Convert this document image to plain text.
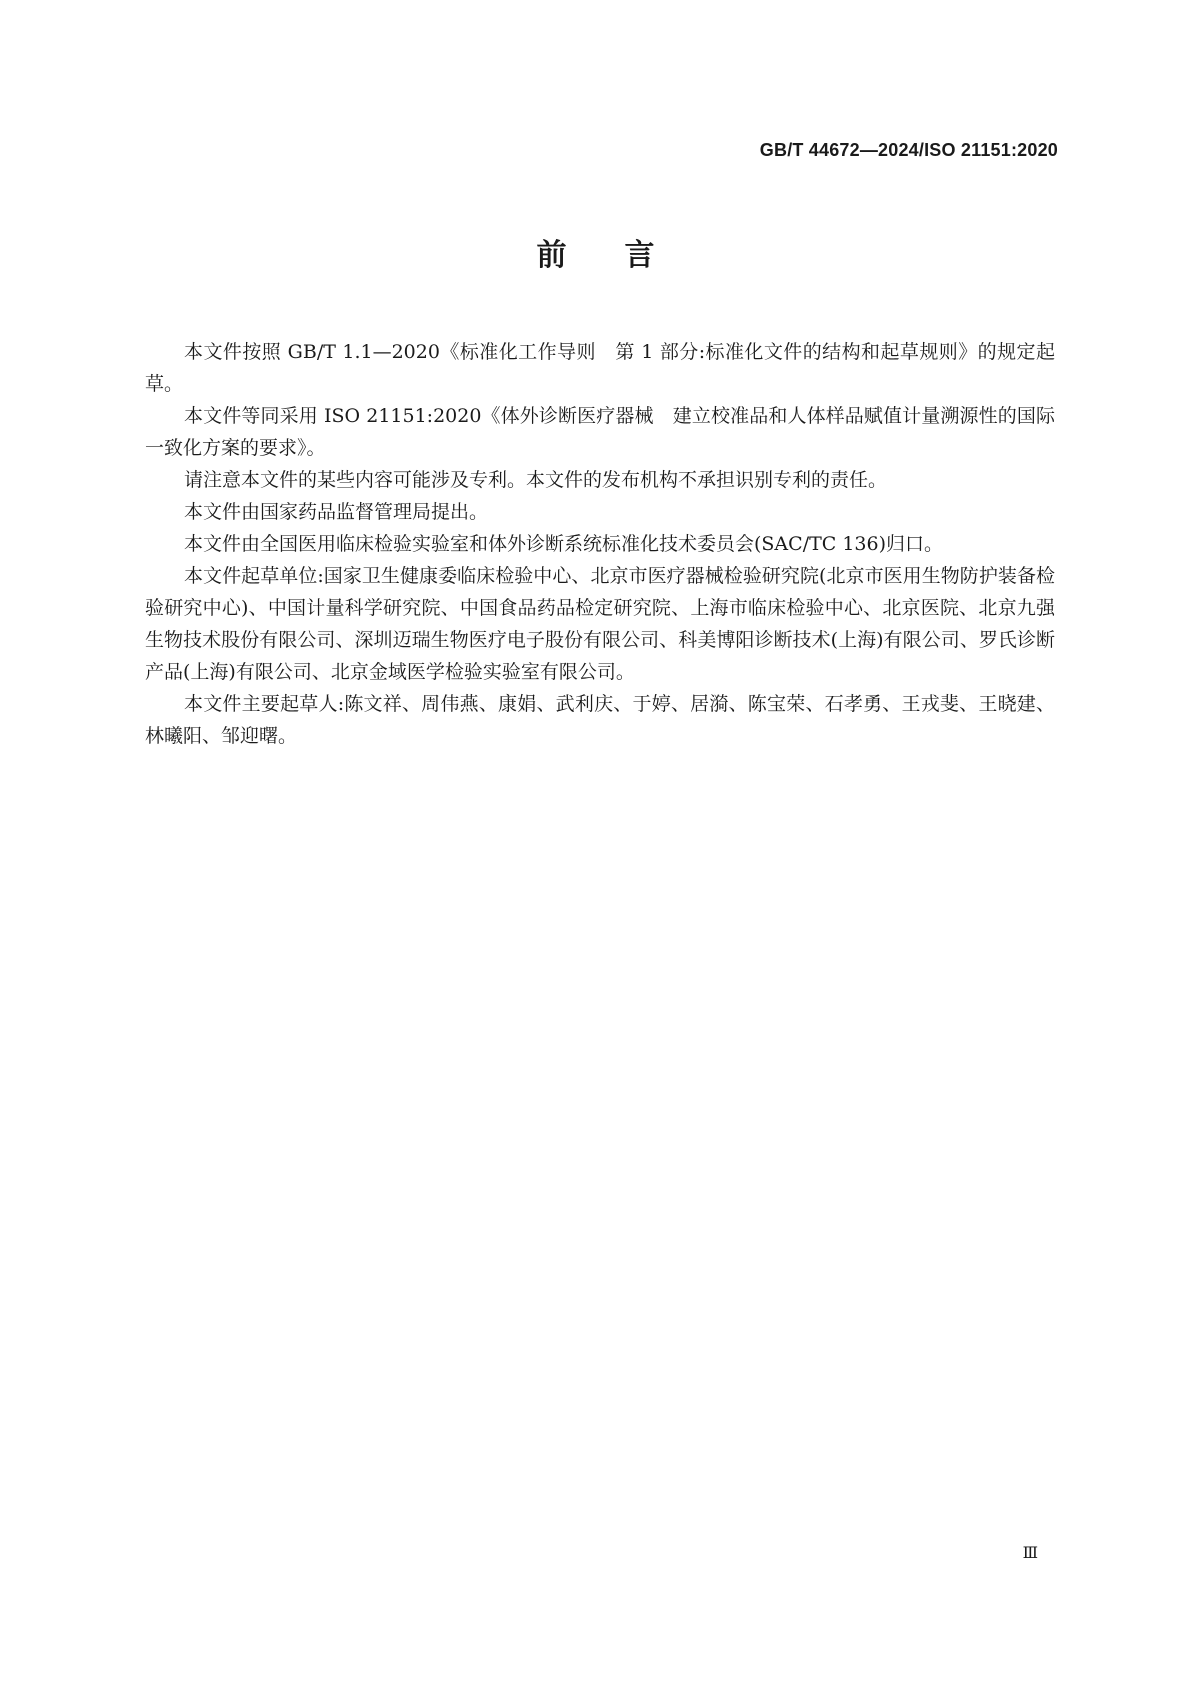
GB/T 44672—2024/ISO 21151:2020
前言

本文件按照 GB/T 1.1—2020《标准化工作导则　第 1 部分:标准化文件的结构和起草规则》的规定起草。

本文件等同采用 ISO 21151:2020《体外诊断医疗器械　建立校准品和人体样品赋值计量溯源性的国际一致化方案的要求》。

请注意本文件的某些内容可能涉及专利。本文件的发布机构不承担识别专利的责任。

本文件由国家药品监督管理局提出。

本文件由全国医用临床检验实验室和体外诊断系统标准化技术委员会(SAC/TC 136)归口。

本文件起草单位:国家卫生健康委临床检验中心、北京市医疗器械检验研究院(北京市医用生物防护装备检验研究中心)、中国计量科学研究院、中国食品药品检定研究院、上海市临床检验中心、北京医院、北京九强生物技术股份有限公司、深圳迈瑞生物医疗电子股份有限公司、科美博阳诊断技术(上海)有限公司、罗氏诊断产品(上海)有限公司、北京金域医学检验实验室有限公司。

本文件主要起草人:陈文祥、周伟燕、康娟、武利庆、于婷、居漪、陈宝荣、石孝勇、王戎斐、王晓建、林曦阳、邹迎曙。

Ⅲ
